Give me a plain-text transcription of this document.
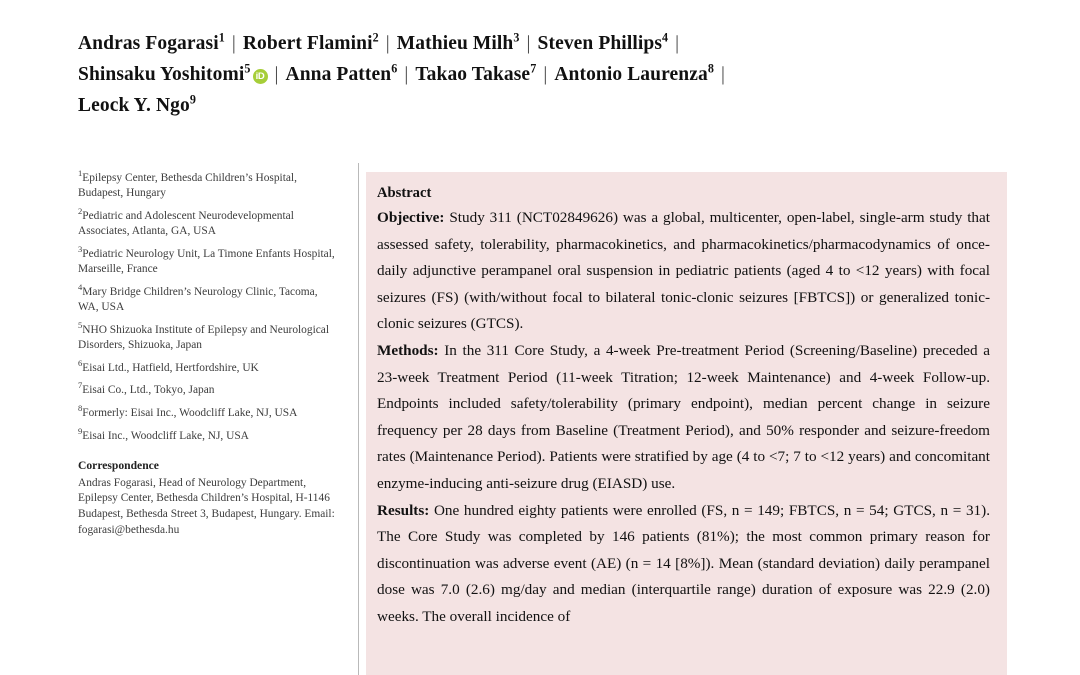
Andras Fogarasi$^1$ | Robert Flamini$^2$ | Mathieu Milh$^3$ | Steven Phillips$^4$ |
Shinsaku Yoshitomi$^5$iD | Anna Patten$^6$ | Takao Takase$^7$ | Antonio Laurenza$^8$ |
Leock Y. Ngo$^9$
$^1$Epilepsy Center, Bethesda Children’s Hospital, Budapest, Hungary
$^2$Pediatric and Adolescent Neurodevelopmental Associates, Atlanta, GA, USA
$^3$Pediatric Neurology Unit, La Timone Enfants Hospital, Marseille, France
$^4$Mary Bridge Children’s Neurology Clinic, Tacoma, WA, USA
$^5$NHO Shizuoka Institute of Epilepsy and Neurological Disorders, Shizuoka, Japan
$^6$Eisai Ltd., Hatfield, Hertfordshire, UK
$^7$Eisai Co., Ltd., Tokyo, Japan
$^8$Formerly: Eisai Inc., Woodcliff Lake, NJ, USA
$^9$Eisai Inc., Woodcliff Lake, NJ, USA
Correspondence
Andras Fogarasi, Head of Neurology Department, Epilepsy Center, Bethesda Children’s Hospital, H-1146 Budapest, Bethesda Street 3, Budapest, Hungary. Email: fogarasi@bethesda.hu
Abstract

Objective: Study 311 (NCT02849626) was a global, multicenter, open-label, single-arm study that assessed safety, tolerability, pharmacokinetics, and pharmacokinetics/pharmacodynamics of once-daily adjunctive perampanel oral suspension in pediatric patients (aged 4 to <12 years) with focal seizures (FS) (with/without focal to bilateral tonic-clonic seizures [FBTCS]) or generalized tonic-clonic seizures (GTCS).

Methods: In the 311 Core Study, a 4-week Pre-treatment Period (Screening/Baseline) preceded a 23-week Treatment Period (11-week Titration; 12-week Maintenance) and 4-week Follow-up. Endpoints included safety/tolerability (primary endpoint), median percent change in seizure frequency per 28 days from Baseline (Treatment Period), and 50% responder and seizure-freedom rates (Maintenance Period). Patients were stratified by age (4 to <7; 7 to <12 years) and concomitant enzyme-inducing anti-seizure drug (EIASD) use.

Results: One hundred eighty patients were enrolled (FS, n = 149; FBTCS, n = 54; GTCS, n = 31). The Core Study was completed by 146 patients (81%); the most common primary reason for discontinuation was adverse event (AE) (n = 14 [8%]). Mean (standard deviation) daily perampanel dose was 7.0 (2.6) mg/day and median (interquartile range) duration of exposure was 22.9 (2.0) weeks. The overall incidence of
